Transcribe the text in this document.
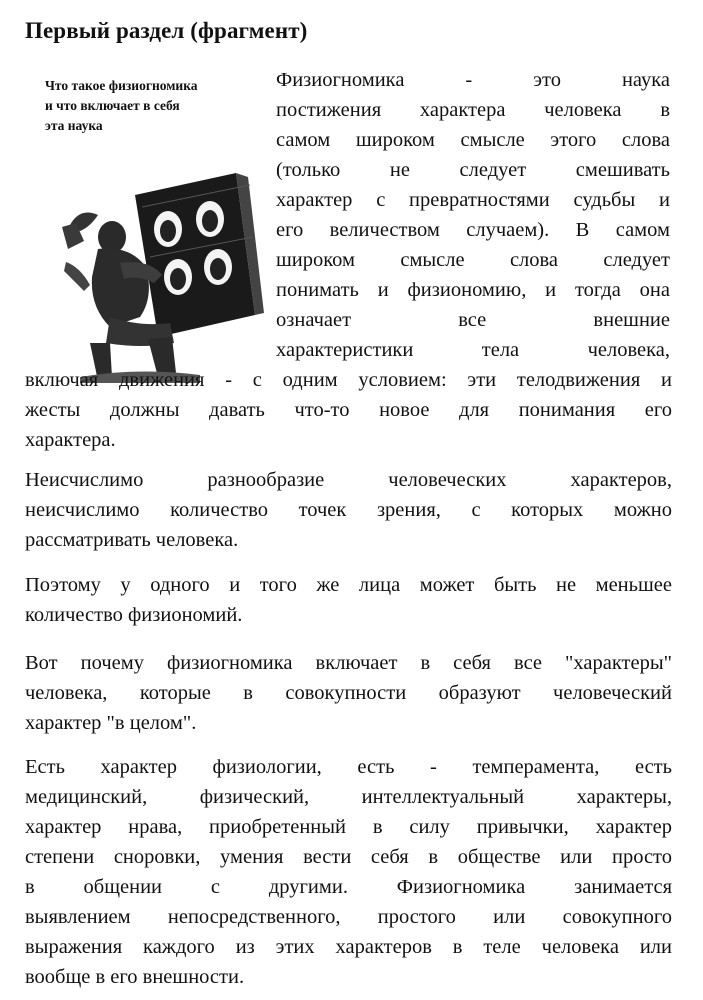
Первый раздел (фрагмент)
Что такое физиогномика
и что включает в себя
эта наука
Физиогномика - это наука
постижения характера человека в
самом широком смысле этого слова
(только не следует смешивать
характер с превратностями судьбы и
его величеством случаем). В самом
широком смысле слова следует
понимать и физиономию, и тогда она
означает все внешние
характеристики тела человека,
включая движения - с одним условием: эти телодвижения и
жесты должны давать что-то новое для понимания его
характера.
Неисчислимо разнообразие человеческих характеров,
неисчислимо количество точек зрения, с которых можно
рассматривать человека.
Поэтому у одного и того же лица может быть не меньшее
количество физиономий.
Вот почему физиогномика включает в себя все "характеры"
человека, которые в совокупности образуют человеческий
характер "в целом".
Есть характер физиологии, есть - темперамента, есть
медицинский, физический, интеллектуальный характеры,
характер нрава, приобретенный в силу привычки, характер
степени сноровки, умения вести себя в обществе или просто
в общении с другими. Физиогномика занимается
выявлением непосредственного, простого или совокупного
выражения каждого из этих характеров в теле человека или
вообще в его внешности.
